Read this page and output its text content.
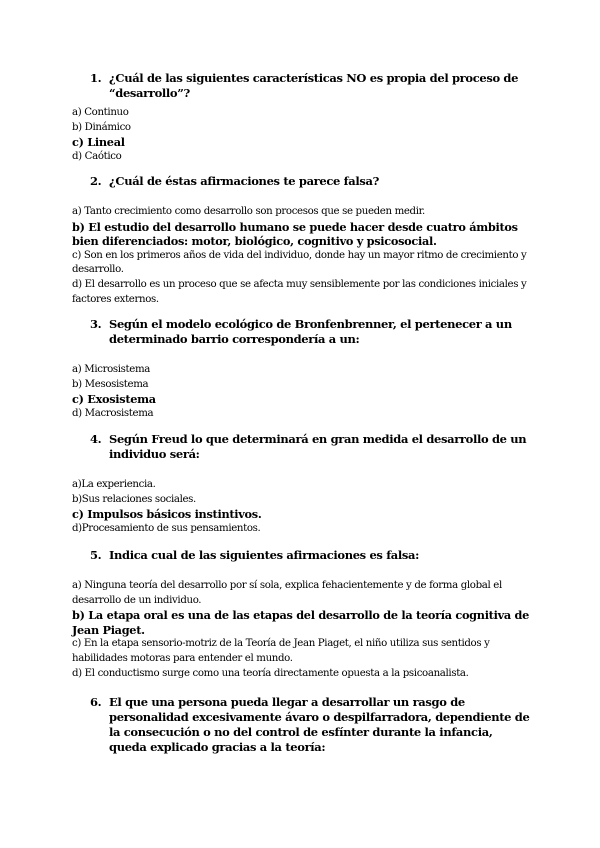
1. ¿Cuál de las siguientes características NO es propia del proceso de “desarrollo”?
a) Continuo
b) Dinámico
c) Lineal
d) Caótico
2. ¿Cuál de éstas afirmaciones te parece falsa?
a) Tanto crecimiento como desarrollo son procesos que se pueden medir.
b) El estudio del desarrollo humano se puede hacer desde cuatro ámbitos bien diferenciados: motor, biológico, cognitivo y psicosocial.
c) Son en los primeros años de vida del individuo, donde hay un mayor ritmo de crecimiento y desarrollo.
d) El desarrollo es un proceso que se afecta muy sensiblemente por las condiciones iniciales y factores externos.
3. Según el modelo ecológico de Bronfenbrenner, el pertenecer a un determinado barrio correspondería a un:
a) Microsistema
b) Mesosistema
c) Exosistema
d) Macrosistema
4. Según Freud lo que determinará en gran medida el desarrollo de un individuo será:
a)La experiencia.
b)Sus relaciones sociales.
c) Impulsos básicos instintivos.
d)Procesamiento de sus pensamientos.
5. Indica cual de las siguientes afirmaciones es falsa:
a) Ninguna teoría del desarrollo por sí sola, explica fehacientemente y de forma global el desarrollo de un individuo.
b) La etapa oral es una de las etapas del desarrollo de la teoría cognitiva de Jean Piaget.
c) En la etapa sensorio-motriz de la Teoría de Jean Piaget, el niño utiliza sus sentidos y habilidades motoras para entender el mundo.
d) El conductismo surge como una teoría directamente opuesta a la psicoanalista.
6. El que una persona pueda llegar a desarrollar un rasgo de personalidad excesivamente ávaro o despilfarradora, dependiente de la consecución o no del control de esfínter durante la infancia, queda explicado gracias a la teoría:
